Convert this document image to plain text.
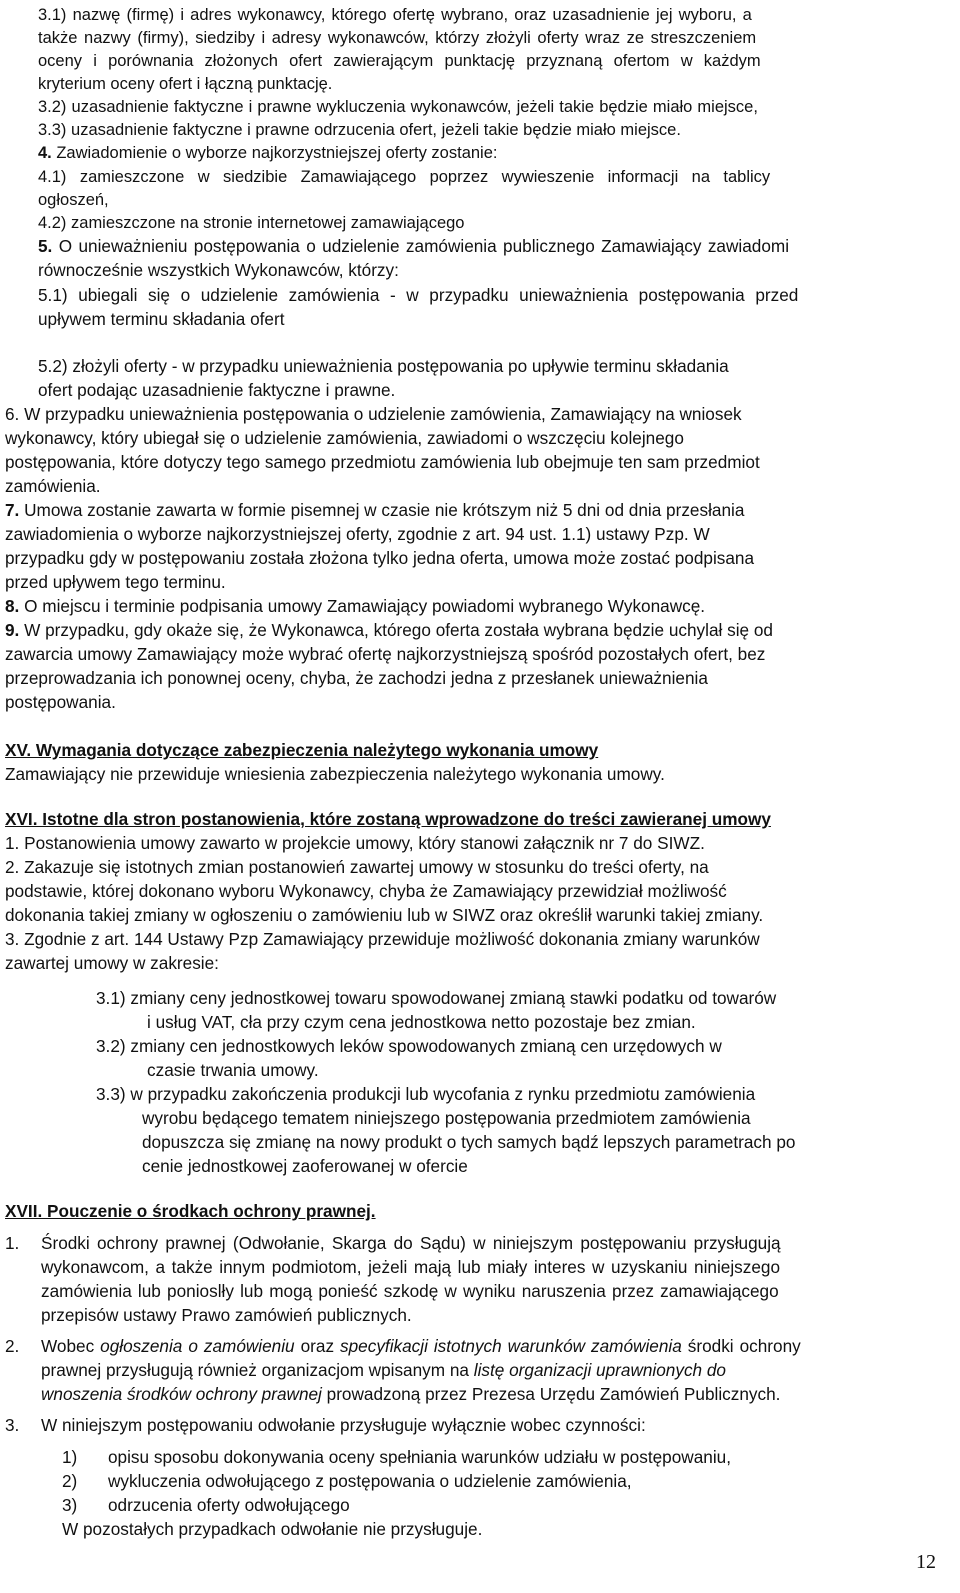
3.1) nazwę (firmę) i adres wykonawcy, którego ofertę wybrano, oraz uzasadnienie jej wyboru, a
także nazwy (firmy), siedziby i adresy wykonawców, którzy złożyli oferty wraz ze streszczeniem
oceny i porównania złożonych ofert zawierającym punktację przyznaną ofertom w każdym
kryterium oceny ofert i łączną punktację.
3.2) uzasadnienie faktyczne i prawne wykluczenia wykonawców, jeżeli takie będzie miało miejsce,
3.3) uzasadnienie faktyczne i prawne odrzucenia ofert, jeżeli takie będzie miało miejsce.
4. Zawiadomienie o wyborze najkorzystniejszej oferty zostanie:
4.1) zamieszczone w siedzibie Zamawiającego poprzez wywieszenie informacji na tablicy
ogłoszeń,
4.2) zamieszczone na stronie internetowej zamawiającego
5. O unieważnieniu postępowania o udzielenie zamówienia publicznego Zamawiający zawiadomi
równocześnie wszystkich Wykonawców, którzy:
5.1) ubiegali się o udzielenie zamówienia - w przypadku unieważnienia postępowania przed
upływem terminu składania ofert
5.2) złożyli oferty - w przypadku unieważnienia postępowania po upływie terminu składania
ofert podając uzasadnienie faktyczne i prawne.
6. W przypadku unieważnienia postępowania o udzielenie zamówienia, Zamawiający na wniosek
wykonawcy, który ubiegał się o udzielenie zamówienia, zawiadomi o wszczęciu kolejnego
postępowania, które dotyczy tego samego przedmiotu zamówienia lub obejmuje ten sam przedmiot
zamówienia.
7. Umowa zostanie zawarta w formie pisemnej w czasie nie krótszym niż 5 dni od dnia przesłania
zawiadomienia o wyborze najkorzystniejszej oferty, zgodnie z art. 94 ust. 1.1) ustawy Pzp. W
przypadku gdy w postępowaniu została złożona tylko jedna oferta, umowa może zostać podpisana
przed upływem tego terminu.
8. O miejscu i terminie podpisania umowy Zamawiający powiadomi wybranego Wykonawcę.
9. W przypadku, gdy okaże się, że Wykonawca, którego oferta została wybrana będzie uchylał się od
zawarcia umowy Zamawiający może wybrać ofertę najkorzystniejszą spośród pozostałych ofert, bez
przeprowadzania ich ponownej oceny, chyba, że zachodzi jedna z przesłanek unieważnienia
postępowania.
XV. Wymagania dotyczące zabezpieczenia należytego wykonania umowy
Zamawiający nie przewiduje wniesienia zabezpieczenia należytego wykonania umowy.
XVI. Istotne dla stron postanowienia, które zostaną wprowadzone do treści zawieranej umowy
1. Postanowienia umowy zawarto w projekcie umowy, który stanowi załącznik nr 7 do SIWZ.
2. Zakazuje się istotnych zmian postanowień zawartej umowy w stosunku do treści oferty, na
podstawie, której dokonano wyboru Wykonawcy, chyba że Zamawiający przewidział możliwość
dokonania takiej zmiany w ogłoszeniu o zamówieniu lub w SIWZ oraz określił warunki takiej zmiany.
3. Zgodnie z art. 144 Ustawy Pzp Zamawiający przewiduje możliwość dokonania zmiany warunków
zawartej umowy w zakresie:
3.1) zmiany ceny jednostkowej towaru spowodowanej zmianą stawki podatku od towarów
i usług VAT, cła przy czym cena jednostkowa netto pozostaje bez zmian.
3.2) zmiany cen jednostkowych leków spowodowanych zmianą cen urzędowych w
czasie trwania umowy.
3.3) w przypadku zakończenia produkcji lub wycofania z rynku przedmiotu zamówienia
wyrobu będącego tematem niniejszego postępowania przedmiotem zamówienia
dopuszcza się zmianę na nowy produkt o tych samych bądź lepszych parametrach po
cenie jednostkowej zaoferowanej w ofercie
XVII. Pouczenie o środkach ochrony prawnej.
1. Środki ochrony prawnej (Odwołanie, Skarga do Sądu) w niniejszym postępowaniu przysługują
wykonawcom, a także innym podmiotom, jeżeli mają lub miały interes w uzyskaniu niniejszego
zamówienia lub ponioslły lub mogą ponieść szkodę w wyniku naruszenia przez zamawiającego
przepisów ustawy Prawo zamówień publicznych.
2. Wobec ogłoszenia o zamówieniu oraz specyfikacji istotnych warunków zamówienia środki ochrony
prawnej przysługują również organizacjom wpisanym na listę organizacji uprawnionych do
wnoszenia środków ochrony prawnej prowadzoną przez Prezesa Urzędu Zamówień Publicznych.
3. W niniejszym postępowaniu odwołanie przysługuje wyłącznie wobec czynności:
1) opisu sposobu dokonywania oceny spełniania warunków udziału w postępowaniu,
2) wykluczenia odwołującego z postępowania o udzielenie zamówienia,
3) odrzucenia oferty odwołującego
W pozostałych przypadkach odwołanie nie przysługuje.
12
